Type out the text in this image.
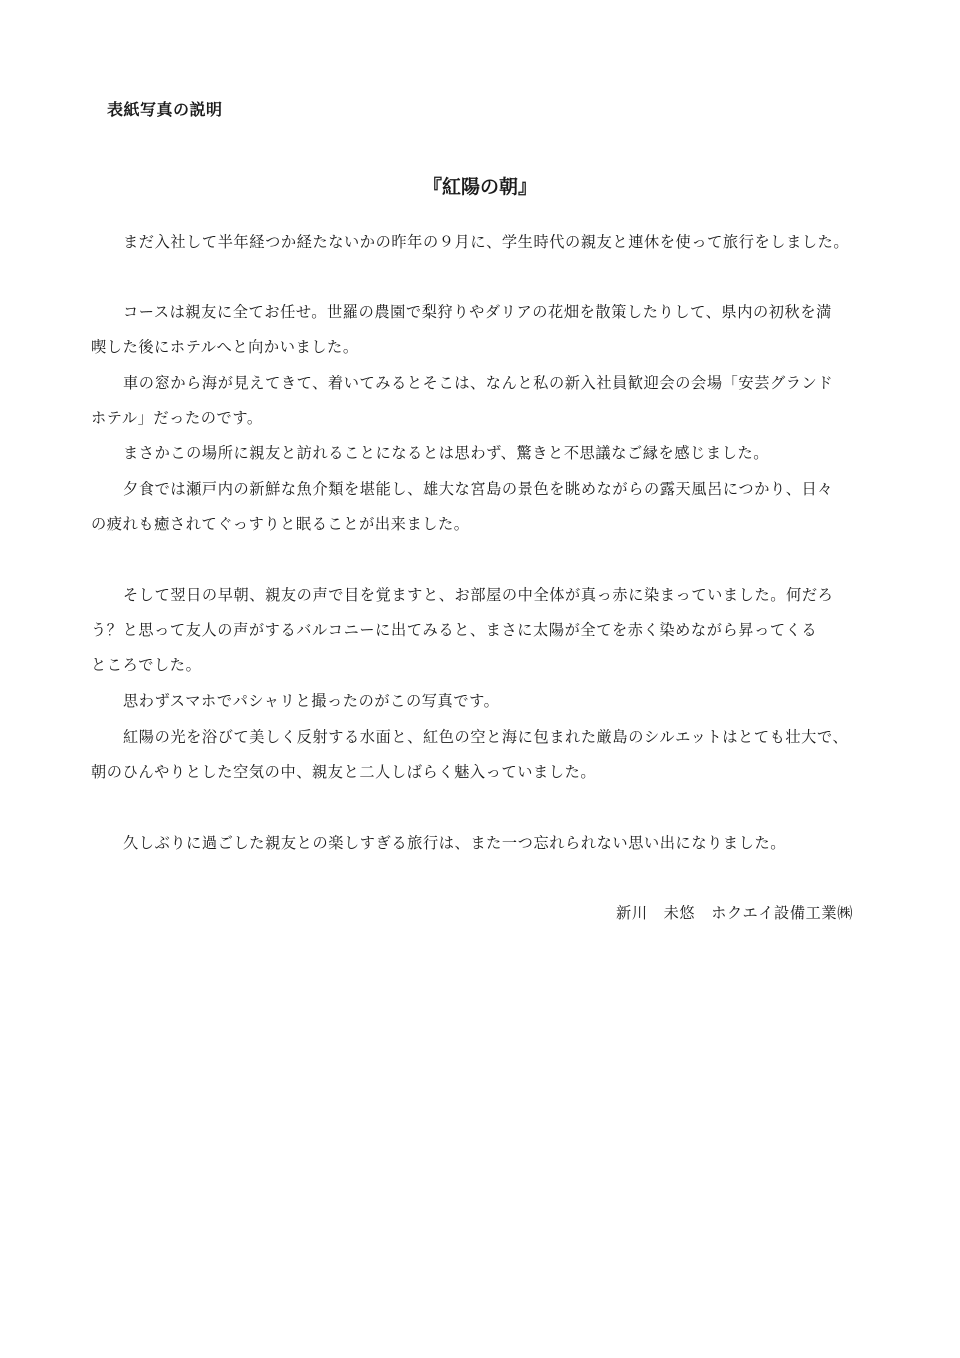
表紙写真の説明
『紅陽の朝』
まだ入社して半年経つか経たないかの昨年の９月に、学生時代の親友と連休を使って旅行をしました。
コースは親友に全てお任せ。世羅の農園で梨狩りやダリアの花畑を散策したりして、県内の初秋を満
喫した後にホテルへと向かいました。
車の窓から海が見えてきて、着いてみるとそこは、なんと私の新入社員歓迎会の会場「安芸グランド
ホテル」だったのです。
まさかこの場所に親友と訪れることになるとは思わず、驚きと不思議なご縁を感じました。
夕食では瀬戸内の新鮮な魚介類を堪能し、雄大な宮島の景色を眺めながらの露天風呂につかり、日々
の疲れも癒されてぐっすりと眠ることが出来ました。
そして翌日の早朝、親友の声で目を覚ますと、お部屋の中全体が真っ赤に染まっていました。何だろ
う？と思って友人の声がするバルコニーに出てみると、まさに太陽が全てを赤く染めながら昇ってくる
ところでした。
思わずスマホでパシャリと撮ったのがこの写真です。
紅陽の光を浴びて美しく反射する水面と、紅色の空と海に包まれた厳島のシルエットはとても壮大で、
朝のひんやりとした空気の中、親友と二人しばらく魅入っていました。
久しぶりに過ごした親友との楽しすぎる旅行は、また一つ忘れられない思い出になりました。
新川 未悠 ホクエイ設備工業㈱
